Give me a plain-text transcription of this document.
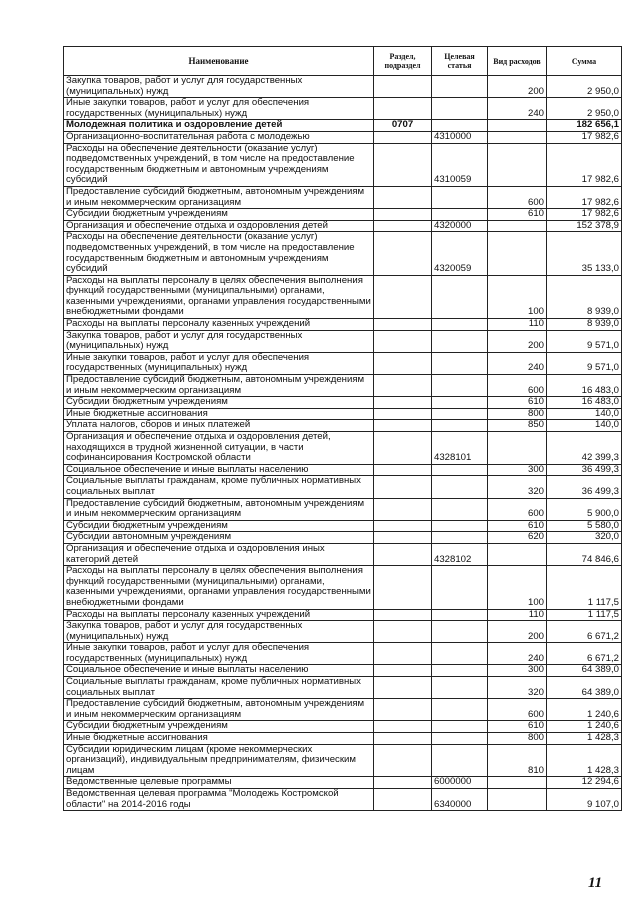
Наименование	Раздел, подраздел	Целевая статья	Вид расходов	Сумма
Закупка товаров, работ и услуг для государственных (муниципальных) нужд			200	2 950,0
Иные закупки товаров, работ и услуг для обеспечения государственных (муниципальных) нужд			240	2 950,0
Молодежная политика и оздоровление детей	0707			182 656,1
Организационно-воспитательная работа с молодежью		4310000		17 982,6
Расходы на обеспечение деятельности (оказание услуг) подведомственных учреждений, в том числе на предоставление государственным бюджетным и автономным учреждениям субсидий		4310059		17 982,6
Предоставление субсидий бюджетным, автономным учреждениям и иным некоммерческим организациям			600	17 982,6
Субсидии бюджетным учреждениям			610	17 982,6
Организация и обеспечение отдыха и оздоровления детей		4320000		152 378,9
Расходы на обеспечение деятельности (оказание услуг) подведомственных учреждений, в том числе на предоставление государственным бюджетным и автономным учреждениям субсидий		4320059		35 133,0
Расходы на выплаты персоналу в целях обеспечения выполнения функций государственными (муниципальными) органами, казенными учреждениями, органами управления государственными внебюджетными фондами			100	8 939,0
Расходы на выплаты персоналу казенных учреждений			110	8 939,0
Закупка товаров, работ и услуг для государственных (муниципальных) нужд			200	9 571,0
Иные закупки товаров, работ и услуг для обеспечения государственных (муниципальных) нужд			240	9 571,0
Предоставление субсидий бюджетным, автономным учреждениям и иным некоммерческим организациям			600	16 483,0
Субсидии бюджетным учреждениям			610	16 483,0
Иные бюджетные ассигнования			800	140,0
Уплата налогов, сборов и иных платежей			850	140,0
Организация и обеспечение отдыха и оздоровления детей, находящихся в трудной жизненной ситуации, в части софинансирования Костромской области		4328101		42 399,3
Социальное обеспечение и иные выплаты населению			300	36 499,3
Социальные выплаты гражданам, кроме публичных нормативных социальных выплат			320	36 499,3
Предоставление субсидий бюджетным, автономным учреждениям и иным некоммерческим организациям			600	5 900,0
Субсидии бюджетным учреждениям			610	5 580,0
Субсидии автономным учреждениям			620	320,0
Организация и обеспечение отдыха и оздоровления иных категорий детей		4328102		74 846,6
Расходы на выплаты персоналу в целях обеспечения выполнения функций государственными (муниципальными) органами, казенными учреждениями, органами управления государственными внебюджетными фондами			100	1 117,5
Расходы на выплаты персоналу казенных учреждений			110	1 117,5
Закупка товаров, работ и услуг для государственных (муниципальных) нужд			200	6 671,2
Иные закупки товаров, работ и услуг для обеспечения государственных (муниципальных) нужд			240	6 671,2
Социальное обеспечение и иные выплаты населению			300	64 389,0
Социальные выплаты гражданам, кроме публичных нормативных социальных выплат			320	64 389,0
Предоставление субсидий бюджетным, автономным учреждениям и иным некоммерческим организациям			600	1 240,6
Субсидии бюджетным учреждениям			610	1 240,6
Иные бюджетные ассигнования			800	1 428,3
Субсидии юридическим лицам (кроме некоммерческих организаций), индивидуальным предпринимателям, физическим лицам			810	1 428,3
Ведомственные целевые программы		6000000		12 294,6
Ведомственная целевая программа "Молодежь Костромской области" на 2014-2016 годы		6340000		9 107,0
11
